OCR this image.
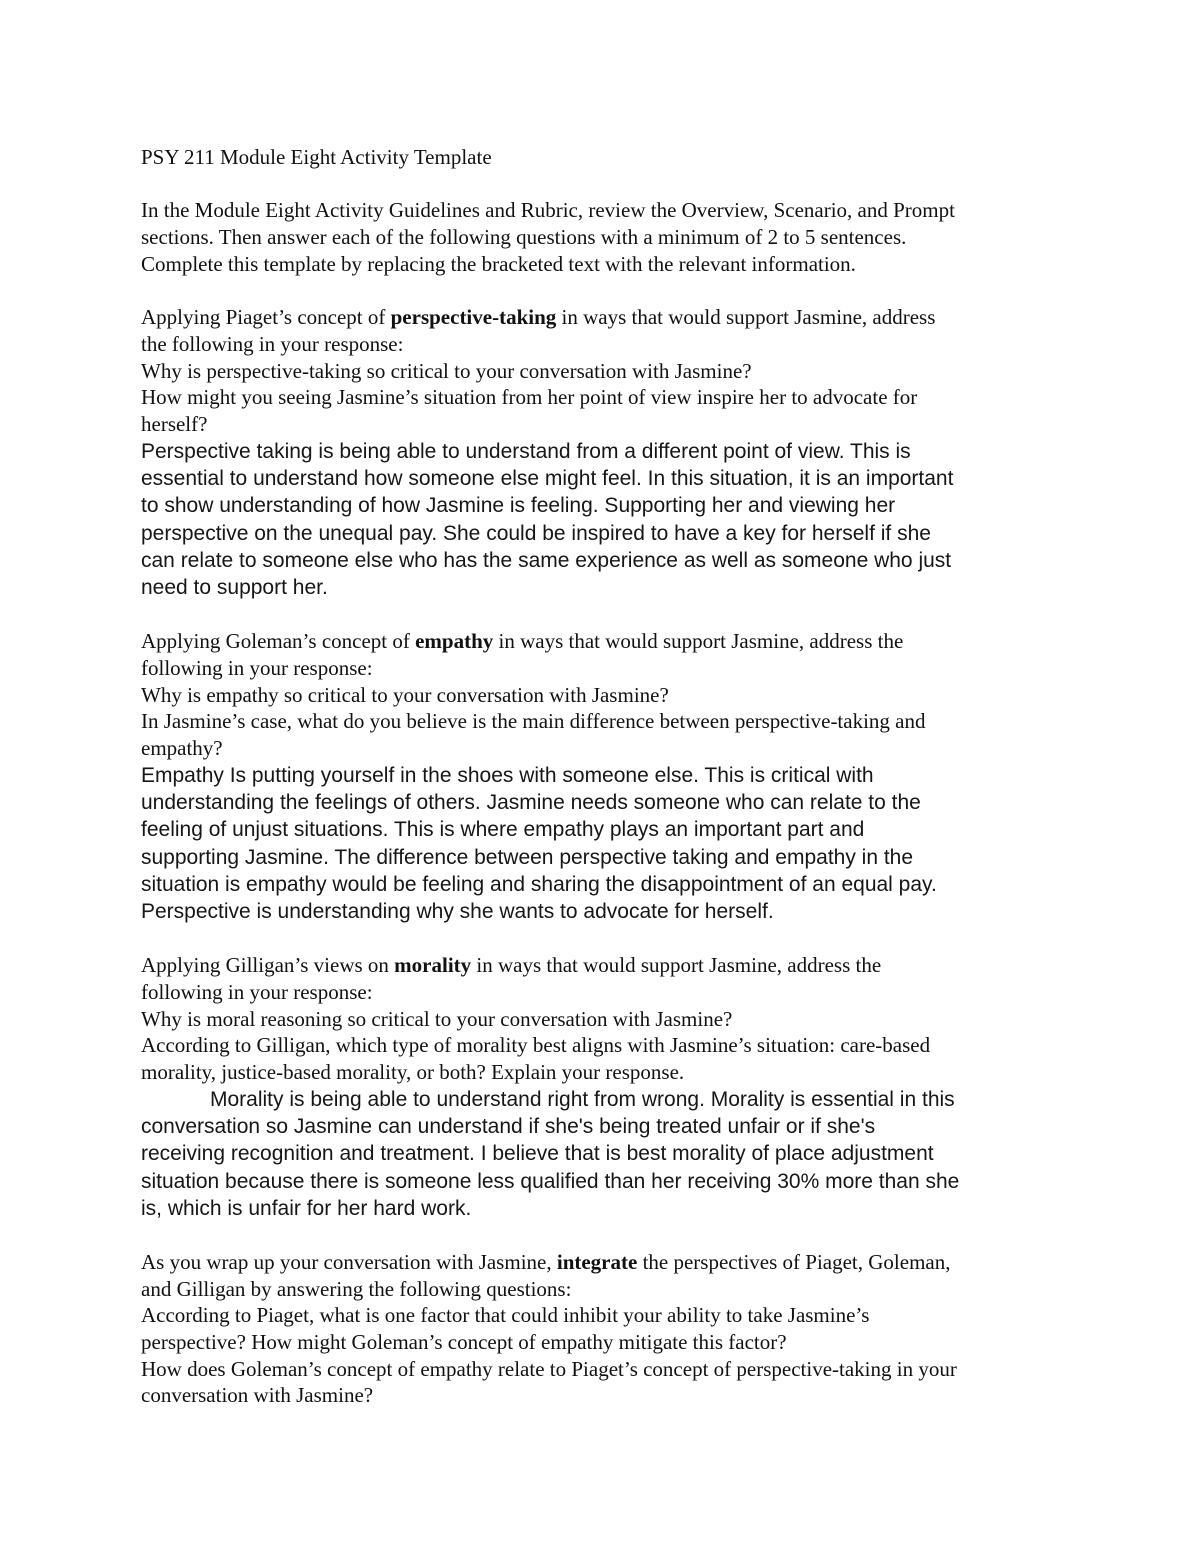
PSY 211 Module Eight Activity Template
In the Module Eight Activity Guidelines and Rubric, review the Overview, Scenario, and Prompt
sections. Then answer each of the following questions with a minimum of 2 to 5 sentences.
Complete this template by replacing the bracketed text with the relevant information.
Applying Piaget’s concept of perspective-taking in ways that would support Jasmine, address
the following in your response:
Why is perspective-taking so critical to your conversation with Jasmine?
How might you seeing Jasmine’s situation from her point of view inspire her to advocate for
herself?
Perspective taking is being able to understand from a different point of view. This is
essential to understand how someone else might feel. In this situation, it is an important
to show understanding of how Jasmine is feeling. Supporting her and viewing her
perspective on the unequal pay. She could be inspired to have a key for herself if she
can relate to someone else who has the same experience as well as someone who just
need to support her.
Applying Goleman’s concept of empathy in ways that would support Jasmine, address the
following in your response:
Why is empathy so critical to your conversation with Jasmine?
In Jasmine’s case, what do you believe is the main difference between perspective-taking and
empathy?
Empathy Is putting yourself in the shoes with someone else. This is critical with
understanding the feelings of others. Jasmine needs someone who can relate to the
feeling of unjust situations. This is where empathy plays an important part and
supporting Jasmine. The difference between perspective taking and empathy in the
situation is empathy would be feeling and sharing the disappointment of an equal pay.
Perspective is understanding why she wants to advocate for herself.
Applying Gilligan’s views on morality in ways that would support Jasmine, address the
following in your response:
Why is moral reasoning so critical to your conversation with Jasmine?
According to Gilligan, which type of morality best aligns with Jasmine’s situation: care-based
morality, justice-based morality, or both? Explain your response.
Morality is being able to understand right from wrong. Morality is essential in this
conversation so Jasmine can understand if she's being treated unfair or if she's
receiving recognition and treatment. I believe that is best morality of place adjustment
situation because there is someone less qualified than her receiving 30% more than she
is, which is unfair for her hard work.
As you wrap up your conversation with Jasmine, integrate the perspectives of Piaget, Goleman,
and Gilligan by answering the following questions:
According to Piaget, what is one factor that could inhibit your ability to take Jasmine’s
perspective? How might Goleman’s concept of empathy mitigate this factor?
How does Goleman’s concept of empathy relate to Piaget’s concept of perspective-taking in your
conversation with Jasmine?
